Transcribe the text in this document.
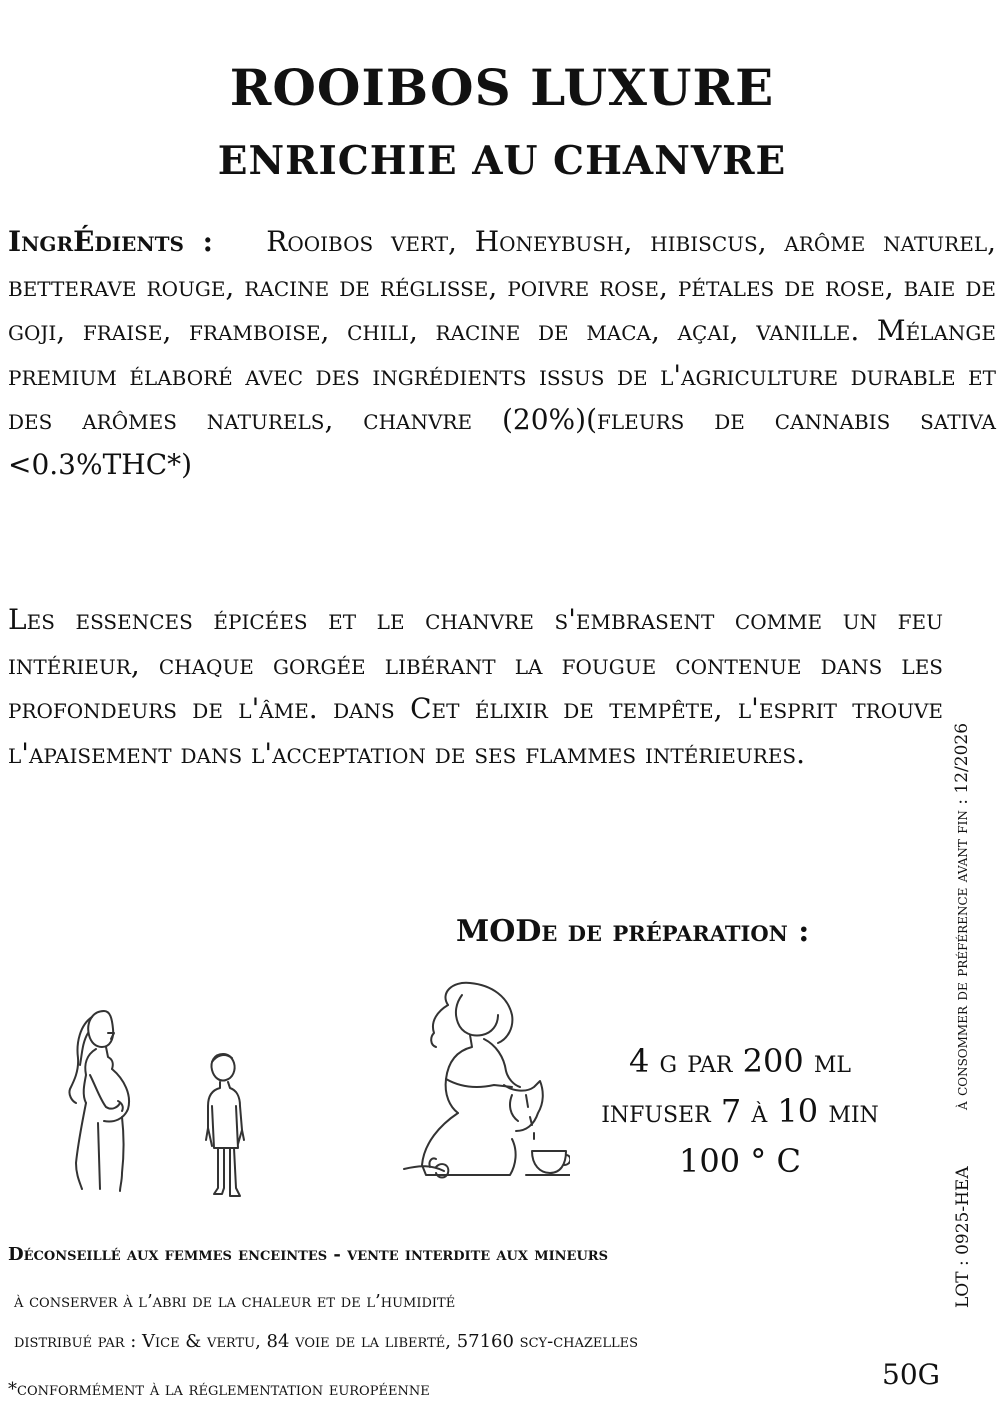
ROOIBOS LUXURE
ENRICHIE AU CHANVRE

IngrÉdients : Rooibos vert, Honeybush, hibiscus, arôme naturel, betterave rouge, racine de réglisse, poivre rose, pétales de rose, baie de goji, fraise, framboise, chili, racine de maca, açai, vanille. Mélange premium élaboré avec des ingrédients issus de l'agriculture durable et des arômes naturels, chanvre (20%)(fleurs de cannabis sativa <0.3%THC*)

Les essences épicées et le chanvre s'embrasent comme un feu intérieur, chaque gorgée libérant la fougue contenue dans les profondeurs de l'âme. dans Cet élixir de tempête, l'esprit trouve l'apaisement dans l'acceptation de ses flammes intérieures.

MODe de préparation :
4 g par 200 ml
infuser 7 à 10 min
100 ° C
à consommer de préférence avant fin : 12/2026
LOT : 0925-HEA

Déconseillé aux femmes enceintes - vente interdite aux mineurs

à conserver à l’abri de la chaleur et de l’humidité

distribué par : Vice & vertu, 84 voie de la liberté, 57160 scy-chazelles

*conformément à la réglementation européenne	50G
